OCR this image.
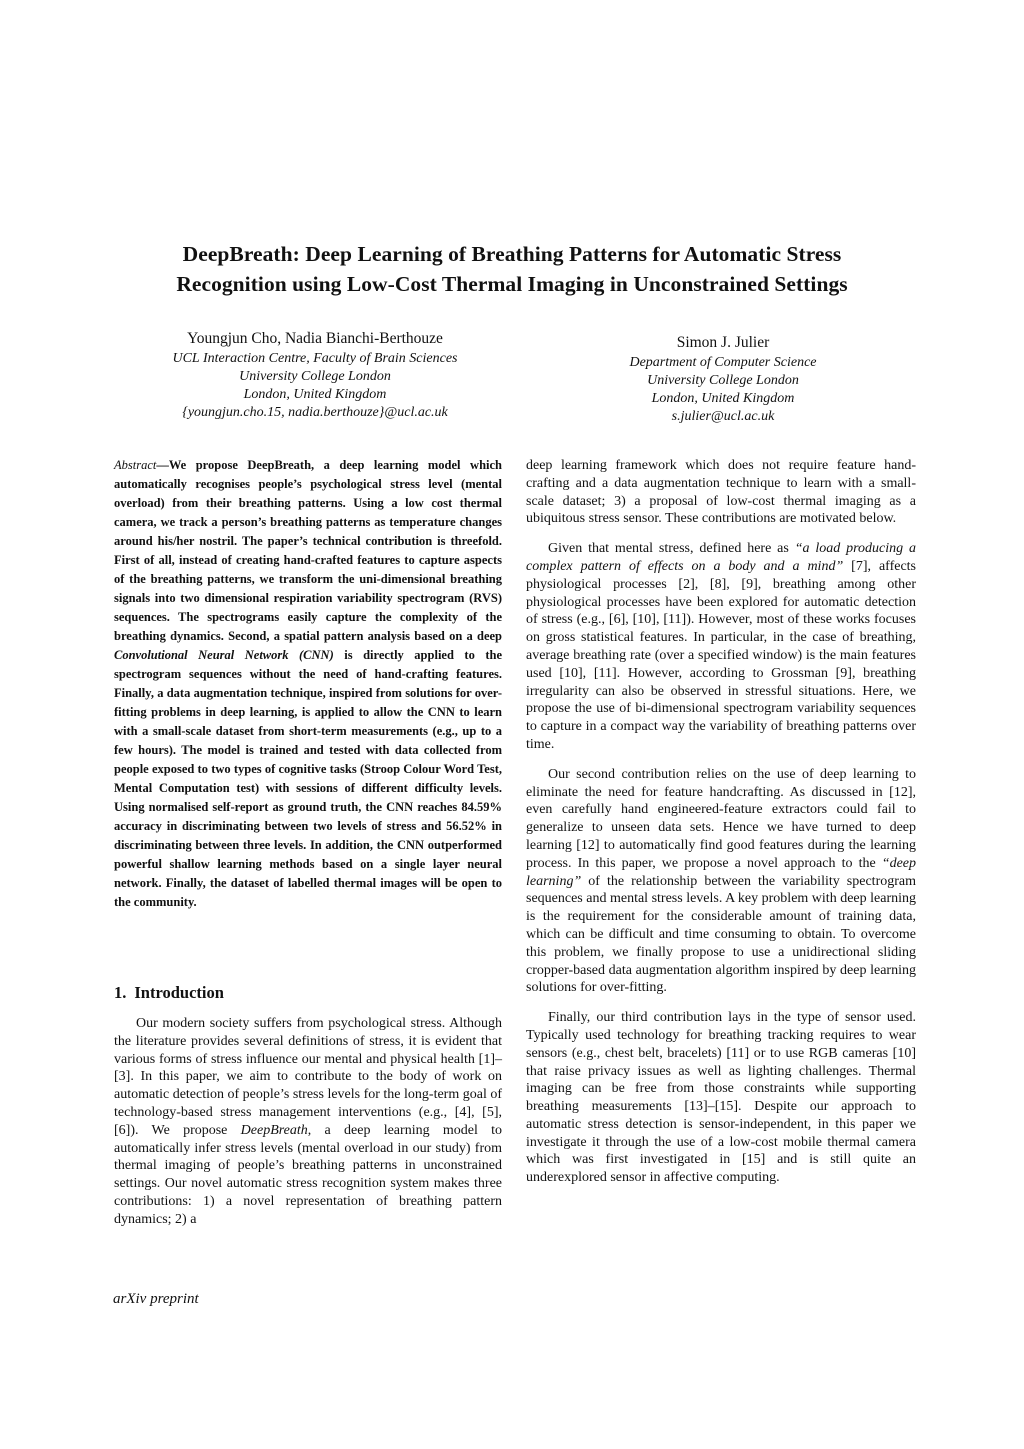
DeepBreath: Deep Learning of Breathing Patterns for Automatic Stress
Recognition using Low-Cost Thermal Imaging in Unconstrained Settings
Youngjun Cho, Nadia Bianchi-Berthouze
UCL Interaction Centre, Faculty of Brain Sciences
University College London
London, United Kingdom
{youngjun.cho.15, nadia.berthouze}@ucl.ac.uk
Simon J. Julier
Department of Computer Science
University College London
London, United Kingdom
s.julier@ucl.ac.uk

Abstract—We propose DeepBreath, a deep learning model which automatically recognises people’s psychological stress level (mental overload) from their breathing patterns. Using a low cost thermal camera, we track a person’s breathing patterns as temperature changes around his/her nostril. The paper’s technical contribution is threefold. First of all, instead of creating hand-crafted features to capture aspects of the breathing patterns, we transform the uni-dimensional breathing signals into two dimensional respiration variability spectrogram (RVS) sequences. The spectrograms easily capture the complexity of the breathing dynamics. Second, a spatial pattern analysis based on a deep Convolutional Neural Network (CNN) is directly applied to the spectrogram sequences without the need of hand-crafting features. Finally, a data augmentation technique, inspired from solutions for over-fitting problems in deep learning, is applied to allow the CNN to learn with a small-scale dataset from short-term measurements (e.g., up to a few hours). The model is trained and tested with data collected from people exposed to two types of cognitive tasks (Stroop Colour Word Test, Mental Computation test) with sessions of different difficulty levels. Using normalised self-report as ground truth, the CNN reaches 84.59% accuracy in discriminating between two levels of stress and 56.52% in discriminating between three levels. In addition, the CNN outperformed powerful shallow learning methods based on a single layer neural network. Finally, the dataset of labelled thermal images will be open to the community.

1. Introduction

Our modern society suffers from psychological stress. Although the literature provides several definitions of stress, it is evident that various forms of stress influence our mental and physical health [1]–[3]. In this paper, we aim to contribute to the body of work on automatic detection of people’s stress levels for the long-term goal of technology-based stress management interventions (e.g., [4], [5], [6]). We propose DeepBreath, a deep learning model to automatically infer stress levels (mental overload in our study) from thermal imaging of people’s breathing patterns in unconstrained settings. Our novel automatic stress recognition system makes three contributions: 1) a novel representation of breathing pattern dynamics; 2) a

deep learning framework which does not require feature hand-crafting and a data augmentation technique to learn with a small-scale dataset; 3) a proposal of low-cost thermal imaging as a ubiquitous stress sensor. These contributions are motivated below.

Given that mental stress, defined here as “a load producing a complex pattern of effects on a body and a mind” [7], affects physiological processes [2], [8], [9], breathing among other physiological processes have been explored for automatic detection of stress (e.g., [6], [10], [11]). However, most of these works focuses on gross statistical features. In particular, in the case of breathing, average breathing rate (over a specified window) is the main features used [10], [11]. However, according to Grossman [9], breathing irregularity can also be observed in stressful situations. Here, we propose the use of bi-dimensional spectrogram variability sequences to capture in a compact way the variability of breathing patterns over time.

Our second contribution relies on the use of deep learning to eliminate the need for feature handcrafting. As discussed in [12], even carefully hand engineered-feature extractors could fail to generalize to unseen data sets. Hence we have turned to deep learning [12] to automatically find good features during the learning process. In this paper, we propose a novel approach to the “deep learning” of the relationship between the variability spectrogram sequences and mental stress levels. A key problem with deep learning is the requirement for the considerable amount of training data, which can be difficult and time consuming to obtain. To overcome this problem, we finally propose to use a unidirectional sliding cropper-based data augmentation algorithm inspired by deep learning solutions for over-fitting.

Finally, our third contribution lays in the type of sensor used. Typically used technology for breathing tracking requires to wear sensors (e.g., chest belt, bracelets) [11] or to use RGB cameras [10] that raise privacy issues as well as lighting challenges. Thermal imaging can be free from those constraints while supporting breathing measurements [13]–[15]. Despite our approach to automatic stress detection is sensor-independent, in this paper we investigate it through the use of a low-cost mobile thermal camera which was first investigated in [15] and is still quite an underexplored sensor in affective computing.

arXiv preprint
